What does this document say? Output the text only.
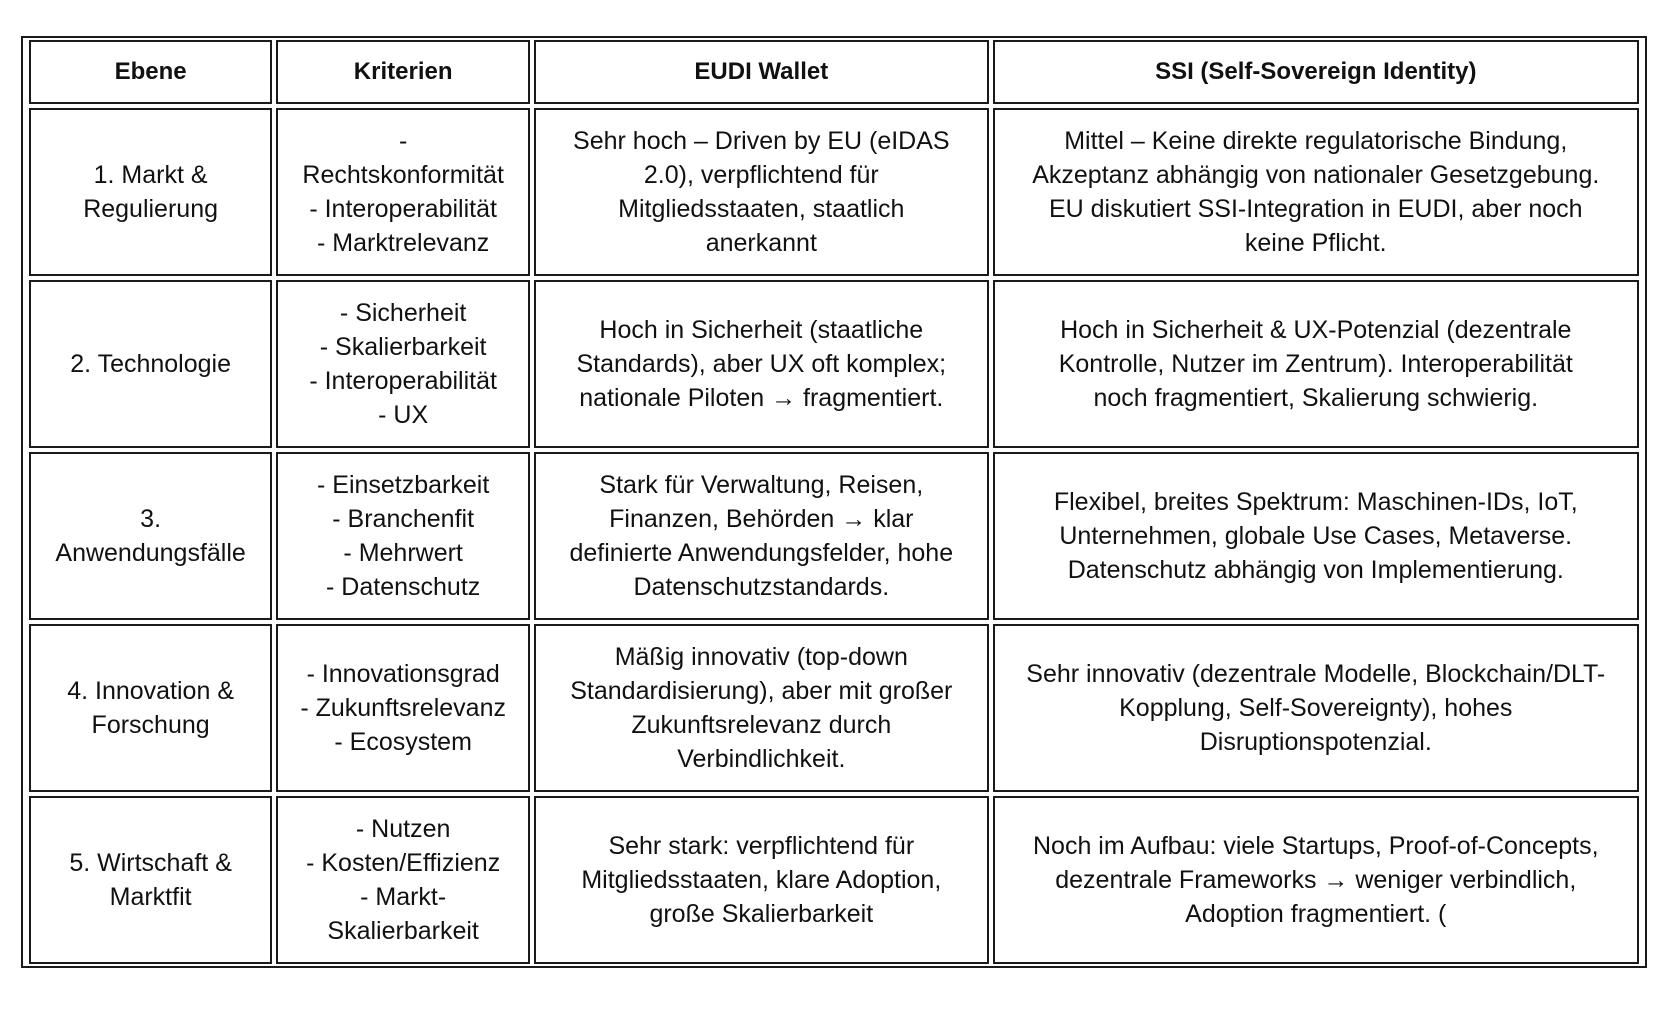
Ebene	Kriterien	EUDI Wallet	SSI (Self-Sovereign Identity)

1. Markt &
Regulierung	-
Rechtskonformität
- Interoperabilität
- Marktrelevanz	Sehr hoch – Driven by EU (eIDAS
2.0), verpflichtend für
Mitgliedsstaaten, staatlich
anerkannt	Mittel – Keine direkte regulatorische Bindung,
Akzeptanz abhängig von nationaler Gesetzgebung.
EU diskutiert SSI-Integration in EUDI, aber noch
keine Pflicht.

2. Technologie	- Sicherheit
- Skalierbarkeit
- Interoperabilität
- UX	Hoch in Sicherheit (staatliche
Standards), aber UX oft komplex;
nationale Piloten → fragmentiert.	Hoch in Sicherheit & UX-Potenzial (dezentrale
Kontrolle, Nutzer im Zentrum). Interoperabilität
noch fragmentiert, Skalierung schwierig.

3.
Anwendungsfälle	- Einsetzbarkeit
- Branchenfit
- Mehrwert
- Datenschutz	Stark für Verwaltung, Reisen,
Finanzen, Behörden → klar
definierte Anwendungsfelder, hohe
Datenschutzstandards.	Flexibel, breites Spektrum: Maschinen-IDs, IoT,
Unternehmen, globale Use Cases, Metaverse.
Datenschutz abhängig von Implementierung.

4. Innovation &
Forschung	- Innovationsgrad
- Zukunftsrelevanz
- Ecosystem	Mäßig innovativ (top-down
Standardisierung), aber mit großer
Zukunftsrelevanz durch
Verbindlichkeit.	Sehr innovativ (dezentrale Modelle, Blockchain/DLT-
Kopplung, Self-Sovereignty), hohes
Disruptionspotenzial.

5. Wirtschaft &
Marktfit	- Nutzen
- Kosten/Effizienz
- Markt-
Skalierbarkeit	Sehr stark: verpflichtend für
Mitgliedsstaaten, klare Adoption,
große Skalierbarkeit	Noch im Aufbau: viele Startups, Proof-of-Concepts,
dezentrale Frameworks → weniger verbindlich,
Adoption fragmentiert. (
